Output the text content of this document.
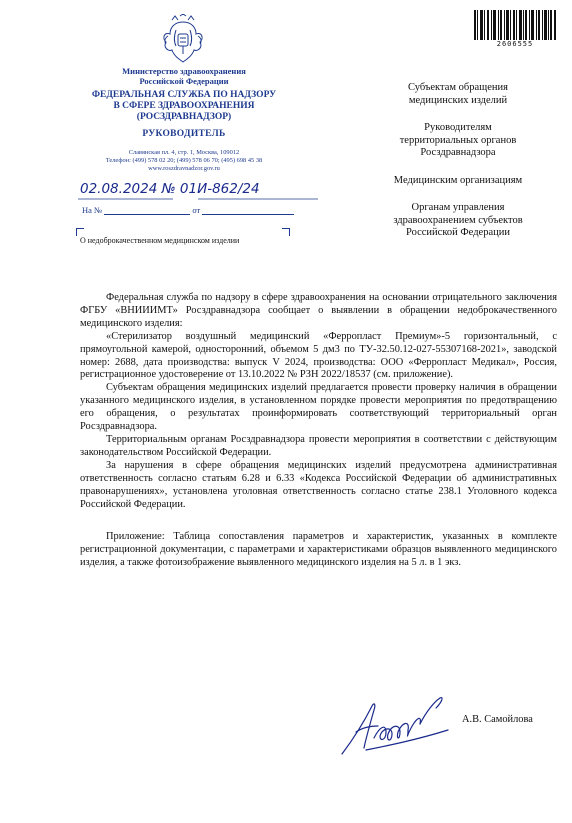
Министерство здравоохранения
Российской Федерации
ФЕДЕРАЛЬНАЯ СЛУЖБА ПО НАДЗОРУ
В СФЕРЕ ЗДРАВООХРАНЕНИЯ
(РОСЗДРАВНАДЗОР)
РУКОВОДИТЕЛЬ
Славянская пл. 4, стр. 1, Москва, 109012
Телефон: (499) 578 02 20; (499) 578 06 70; (495) 698 45 38
www.roszdravnadzor.gov.ru
2606555
02.08.2024 № 01И-862/24
На №	от
О недоброкачественном медицинском изделии
Субъектам обращения
медицинских изделий
Руководителям
территориальных органов
Росздравнадзора
Медицинским организациям
Органам управления
здравоохранением субъектов
Российской Федерации

Федеральная служба по надзору в сфере здравоохранения на основании отрицательного заключения ФГБУ «ВНИИИМТ» Росздравнадзора сообщает о выявлении в обращении недоброкачественного медицинского изделия:

«Стерилизатор воздушный медицинский «Ферропласт Премиум»-5 горизонтальный, с прямоугольной камерой, односторонний, объемом 5 дм3 по ТУ-32.50.12-027-55307168-2021», заводской номер: 2688, дата производства: выпуск V 2024, производства: ООО «Ферропласт Медикал», Россия, регистрационное удостоверение от 13.10.2022 № РЗН 2022/18537 (см. приложение).

Субъектам обращения медицинских изделий предлагается провести проверку наличия в обращении указанного медицинского изделия, в установленном порядке провести мероприятия по предотвращению его обращения, о результатах проинформировать соответствующий территориальный орган Росздравнадзора.

Территориальным органам Росздравнадзора провести мероприятия в соответствии с действующим законодательством Российской Федерации.

За нарушения в сфере обращения медицинских изделий предусмотрена административная ответственность согласно статьям 6.28 и 6.33 «Кодекса Российской Федерации об административных правонарушениях», установлена уголовная ответственность согласно статье 238.1 Уголовного кодекса Российской Федерации.

Приложение: Таблица сопоставления параметров и характеристик, указанных в комплекте регистрационной документации, с параметрами и характеристиками образцов выявленного медицинского изделия, а также фотоизображение выявленного медицинского изделия на 5 л. в 1 экз.

А.В. Самойлова
